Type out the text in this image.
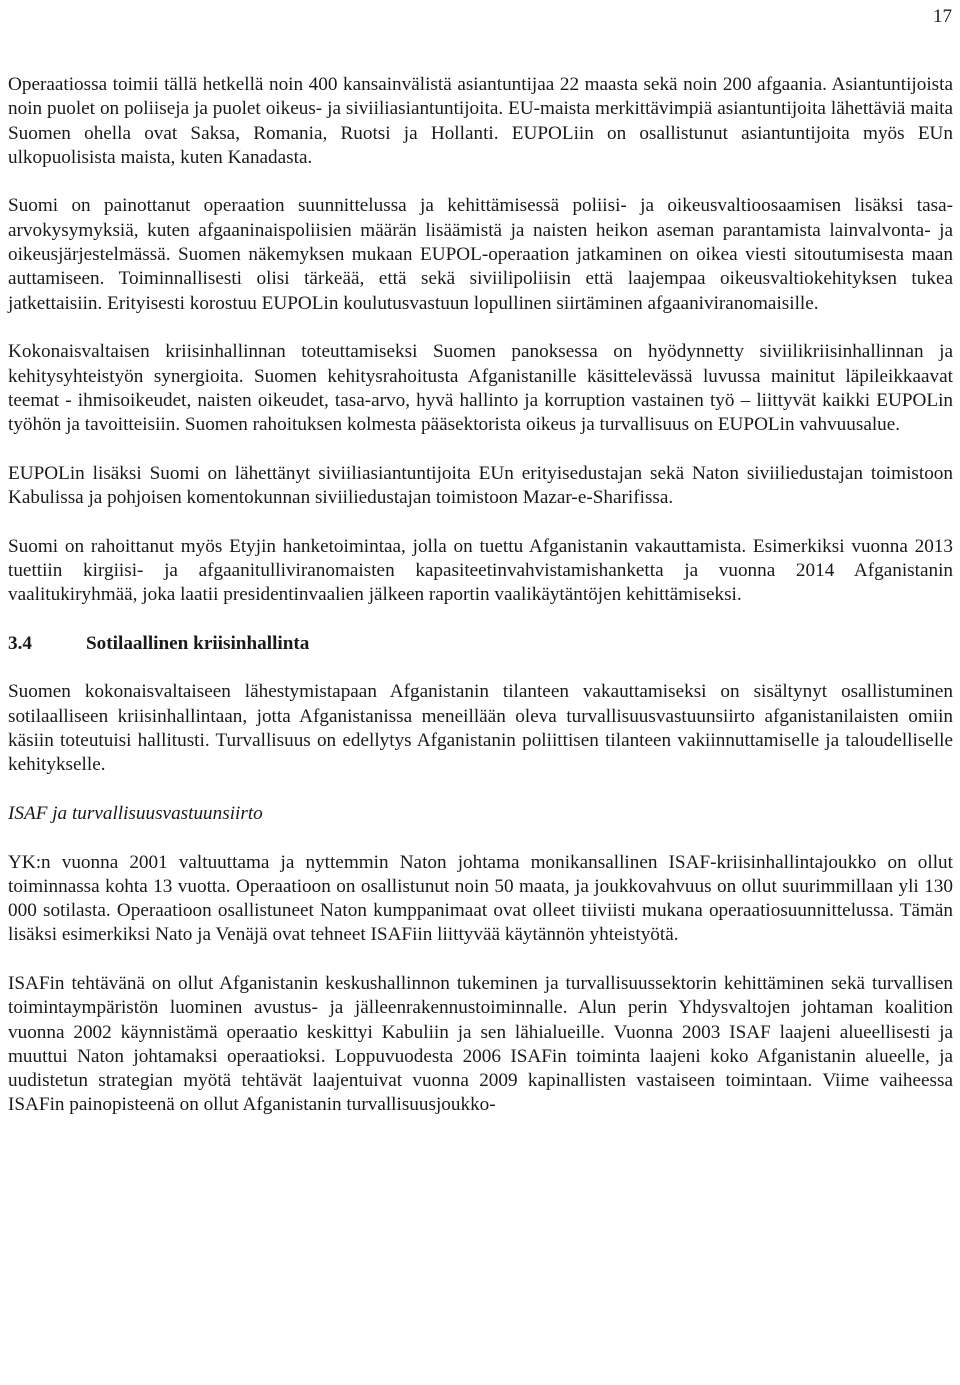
17

Operaatiossa toimii tällä hetkellä noin 400 kansainvälistä asiantuntijaa 22 maasta sekä noin 200 afgaania. Asiantuntijoista noin puolet on poliiseja ja puolet oikeus- ja siviiliasiantuntijoita. EU-maista merkittävimpiä asiantuntijoita lähettäviä maita Suomen ohella ovat Saksa, Romania, Ruotsi ja Hollanti. EUPOLiin on osallistunut asiantuntijoita myös EUn ulkopuolisista maista, kuten Kanadasta.

Suomi on painottanut operaation suunnittelussa ja kehittämisessä poliisi- ja oikeusvaltioosaamisen lisäksi tasa-arvokysymyksiä, kuten afgaaninaispoliisien määrän lisäämistä ja naisten heikon aseman parantamista lainvalvonta- ja oikeusjärjestelmässä. Suomen näkemyksen mukaan EUPOL-operaation jatkaminen on oikea viesti sitoutumisesta maan auttamiseen. Toiminnallisesti olisi tärkeää, että sekä siviilipoliisin että laajempaa oikeusvaltiokehityksen tukea jatkettaisiin. Erityisesti korostuu EUPOLin koulutusvastuun lopullinen siirtäminen afgaaniviranomaisille.

Kokonaisvaltaisen kriisinhallinnan toteuttamiseksi Suomen panoksessa on hyödynnetty siviilikriisinhallinnan ja kehitysyhteistyön synergioita. Suomen kehitysrahoitusta Afganistanille käsittelevässä luvussa mainitut läpileikkaavat teemat - ihmisoikeudet, naisten oikeudet, tasa-arvo, hyvä hallinto ja korruption vastainen työ – liittyvät kaikki EUPOLin työhön ja tavoitteisiin. Suomen rahoituksen kolmesta pääsektorista oikeus ja turvallisuus on EUPOLin vahvuusalue.

EUPOLin lisäksi Suomi on lähettänyt siviiliasiantuntijoita EUn erityisedustajan sekä Naton siviiliedustajan toimistoon Kabulissa ja pohjoisen komentokunnan siviiliedustajan toimistoon Mazar-e-Sharifissa.

Suomi on rahoittanut myös Etyjin hanketoimintaa, jolla on tuettu Afganistanin vakauttamista. Esimerkiksi vuonna 2013 tuettiin kirgiisi- ja afgaanitulliviranomaisten kapasiteetinvahvistamishanketta ja vuonna 2014 Afganistanin vaalitukiryhmää, joka laatii presidentinvaalien jälkeen raportin vaalikäytäntöjen kehittämiseksi.

3.4	Sotilaallinen kriisinhallinta

Suomen kokonaisvaltaiseen lähestymistapaan Afganistanin tilanteen vakauttamiseksi on sisältynyt osallistuminen sotilaalliseen kriisinhallintaan, jotta Afganistanissa meneillään oleva turvallisuusvastuunsiirto afganistanilaisten omiin käsiin toteutuisi hallitusti. Turvallisuus on edellytys Afganistanin poliittisen tilanteen vakiinnuttamiselle ja taloudelliselle kehitykselle.

ISAF ja turvallisuusvastuunsiirto

YK:n vuonna 2001 valtuuttama ja nyttemmin Naton johtama monikansallinen ISAF-kriisinhallintajoukko on ollut toiminnassa kohta 13 vuotta. Operaatioon on osallistunut noin 50 maata, ja joukkovahvuus on ollut suurimmillaan yli 130 000 sotilasta. Operaatioon osallistuneet Naton kumppanimaat ovat olleet tiiviisti mukana operaatiosuunnittelussa. Tämän lisäksi esimerkiksi Nato ja Venäjä ovat tehneet ISAFiin liittyvää käytännön yhteistyötä.

ISAFin tehtävänä on ollut Afganistanin keskushallinnon tukeminen ja turvallisuussektorin kehittäminen sekä turvallisen toimintaympäristön luominen avustus- ja jälleenrakennustoiminnalle. Alun perin Yhdysvaltojen johtaman koalition vuonna 2002 käynnistämä operaatio keskittyi Kabuliin ja sen lähialueille. Vuonna 2003 ISAF laajeni alueellisesti ja muuttui Naton johtamaksi operaatioksi. Loppuvuodesta 2006 ISAFin toiminta laajeni koko Afganistanin alueelle, ja uudistetun strategian myötä tehtävät laajentuivat vuonna 2009 kapinallisten vastaiseen toimintaan. Viime vaiheessa ISAFin painopisteenä on ollut Afganistanin turvallisuusjoukko-
